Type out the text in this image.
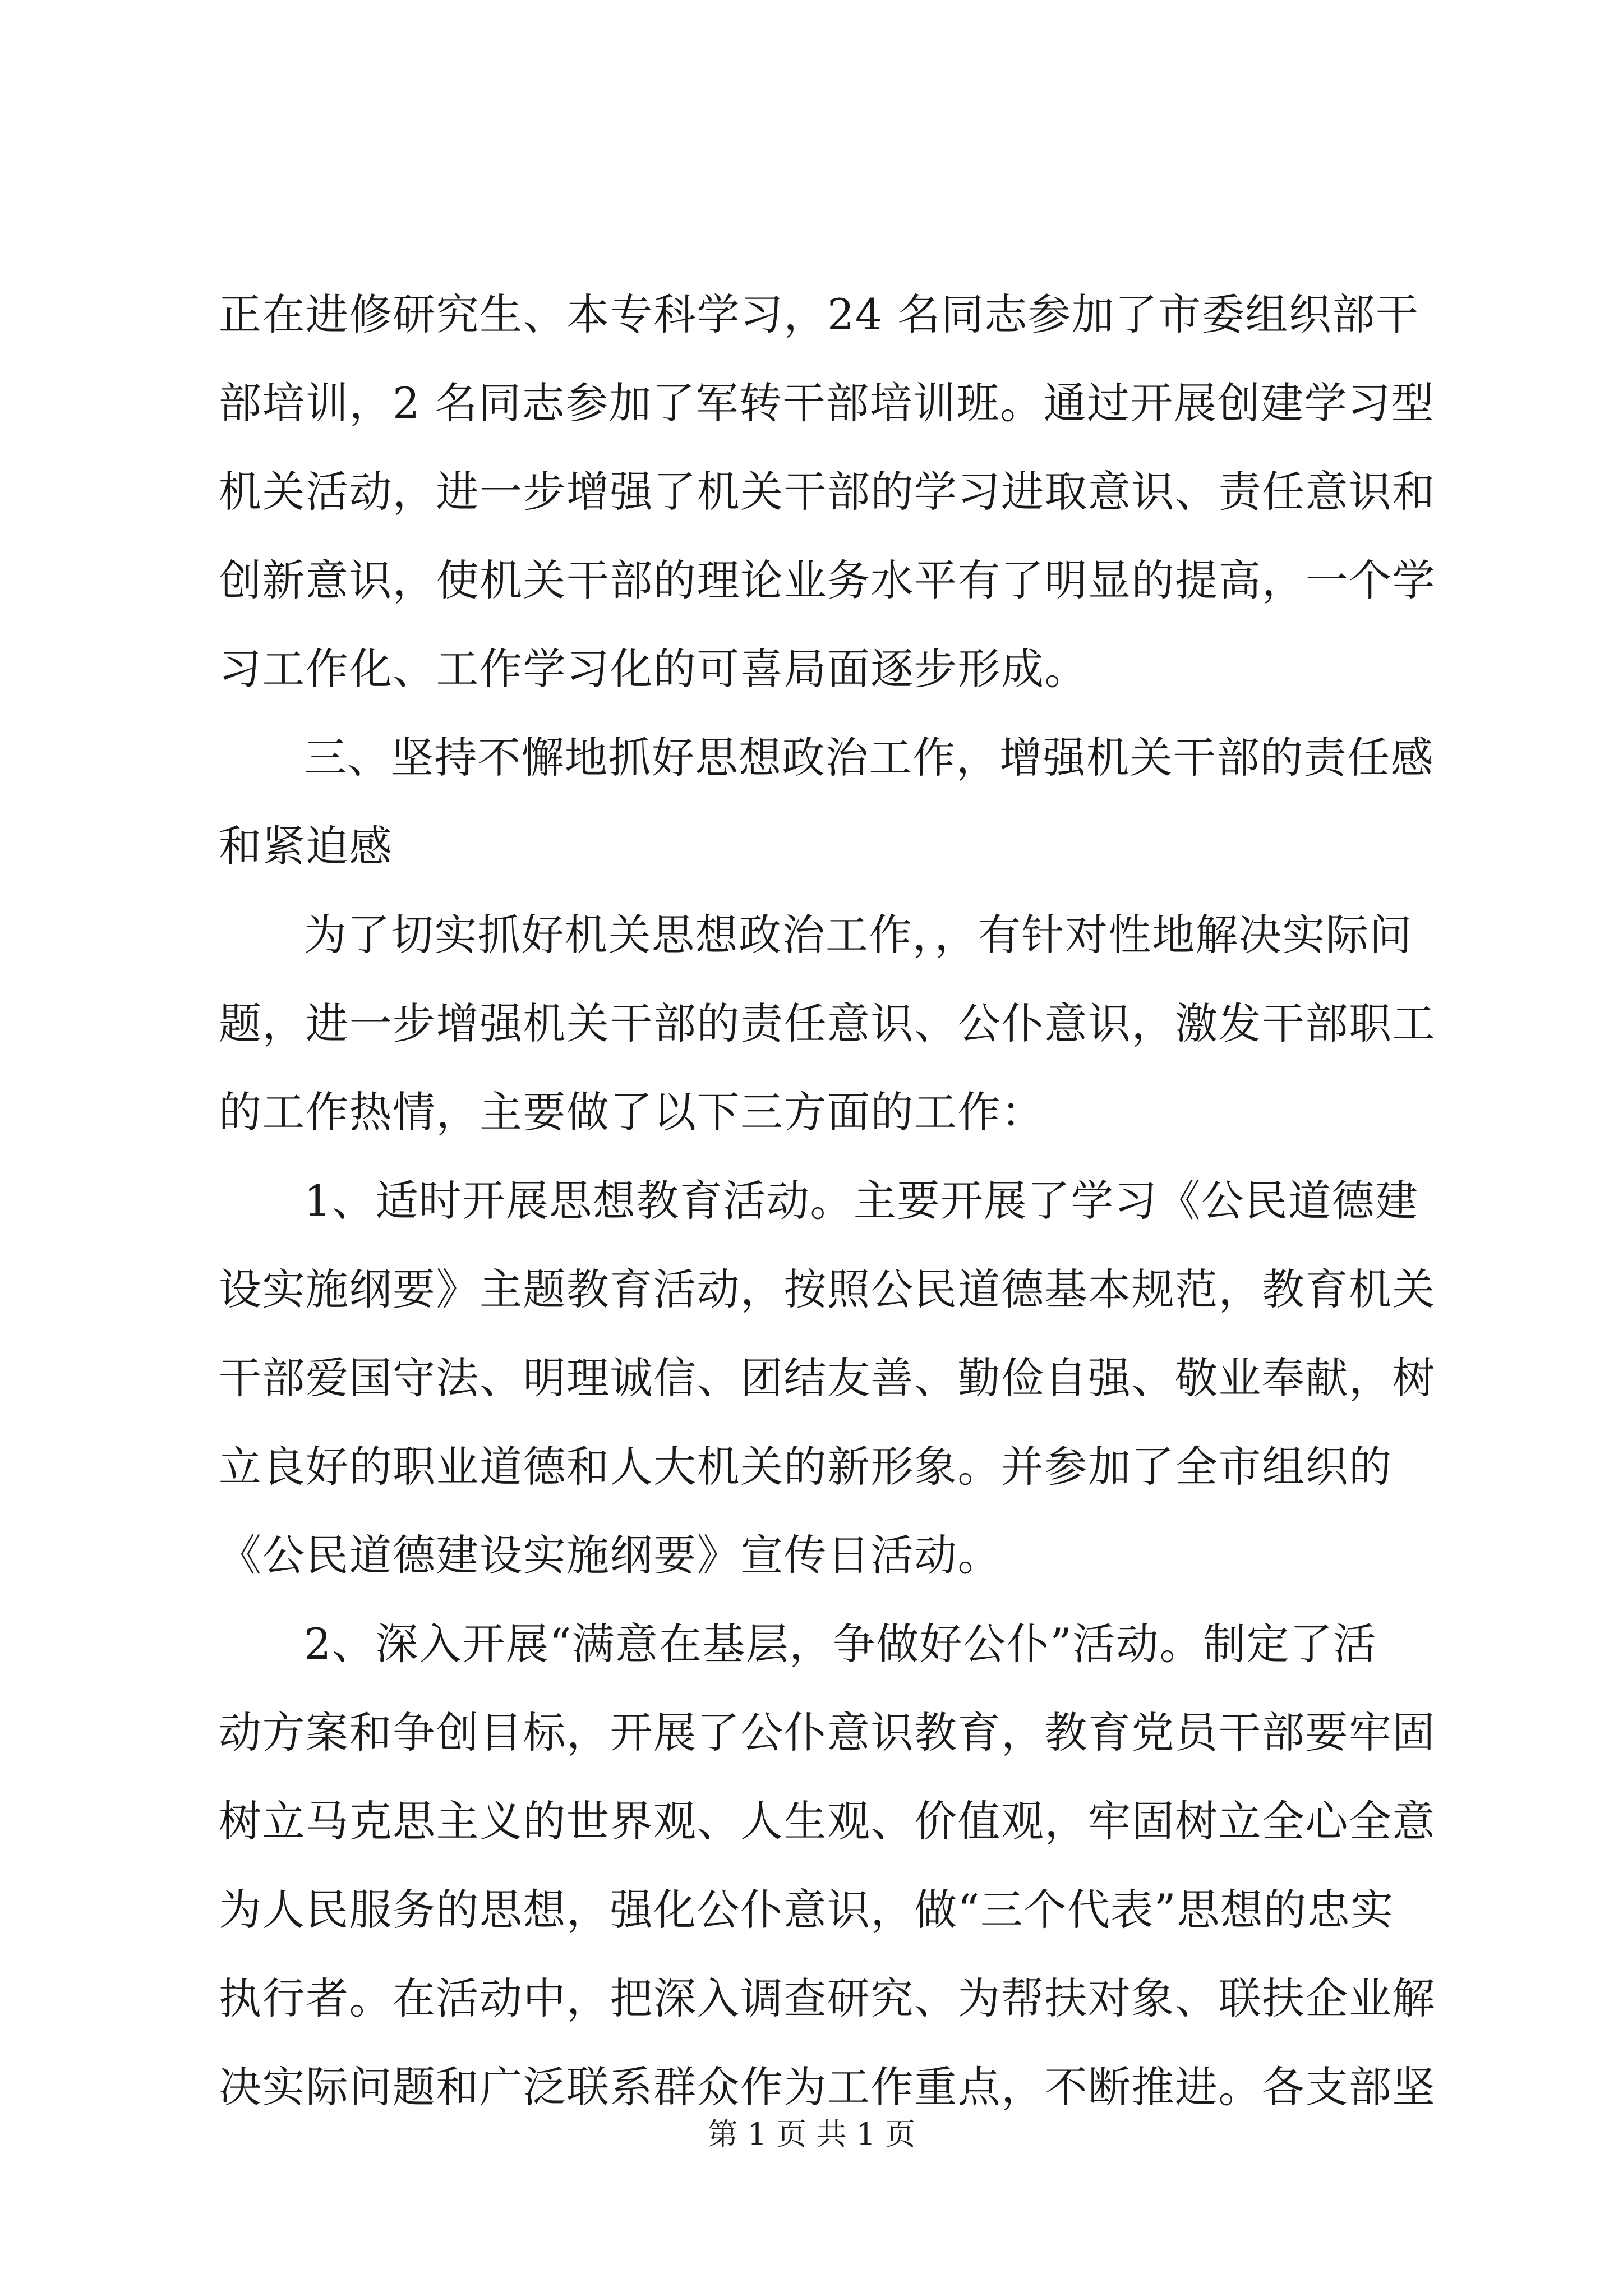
正在进修研究生、本专科学习，24 名同志参加了市委组织部干
部培训，2 名同志参加了军转干部培训班。通过开展创建学习型
机关活动，进一步增强了机关干部的学习进取意识、责任意识和
创新意识，使机关干部的理论业务水平有了明显的提高，一个学
习工作化、工作学习化的可喜局面逐步形成。
三、坚持不懈地抓好思想政治工作，增强机关干部的责任感
和紧迫感
为了切实抓好机关思想政治工作，，有针对性地解决实际问
题，进一步增强机关干部的责任意识、公仆意识，激发干部职工
的工作热情，主要做了以下三方面的工作：
1、适时开展思想教育活动。主要开展了学习《公民道德建
设实施纲要》主题教育活动，按照公民道德基本规范，教育机关
干部爱国守法、明理诚信、团结友善、勤俭自强、敬业奉献，树
立良好的职业道德和人大机关的新形象。并参加了全市组织的
《公民道德建设实施纲要》宣传日活动。
2、深入开展“满意在基层，争做好公仆”活动。制定了活
动方案和争创目标，开展了公仆意识教育，教育党员干部要牢固
树立马克思主义的世界观、人生观、价值观，牢固树立全心全意
为人民服务的思想，强化公仆意识，做“三个代表”思想的忠实
执行者。在活动中，把深入调查研究、为帮扶对象、联扶企业解
决实际问题和广泛联系群众作为工作重点，不断推进。各支部坚
第 1 页 共 1 页
